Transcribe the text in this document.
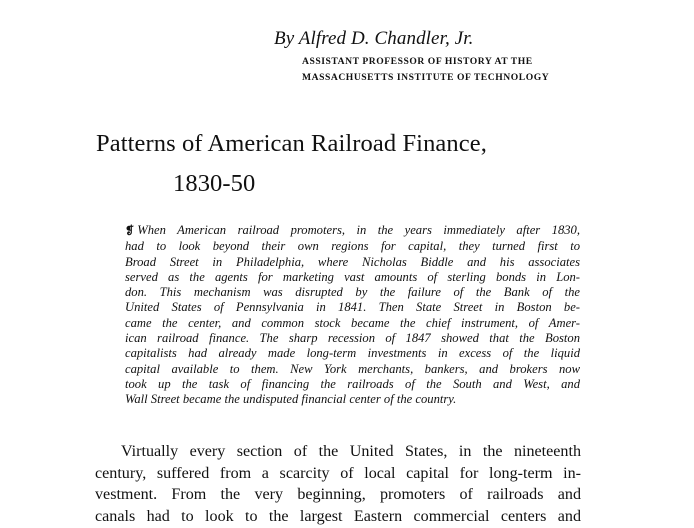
By Alfred D. Chandler, Jr.
ASSISTANT PROFESSOR OF HISTORY AT THE
MASSACHUSETTS INSTITUTE OF TECHNOLOGY
Patterns of American Railroad Finance,
1830-50
❡ When American railroad promoters, in the years immediately after 1830,
had to look beyond their own regions for capital, they turned first to
Broad Street in Philadelphia, where Nicholas Biddle and his associates
served as the agents for marketing vast amounts of sterling bonds in Lon-
don. This mechanism was disrupted by the failure of the Bank of the
United States of Pennsylvania in 1841. Then State Street in Boston be-
came the center, and common stock became the chief instrument, of Amer-
ican railroad finance. The sharp recession of 1847 showed that the Boston
capitalists had already made long-term investments in excess of the liquid
capital available to them. New York merchants, bankers, and brokers now
took up the task of financing the railroads of the South and West, and
Wall Street became the undisputed financial center of the country.
Virtually every section of the United States, in the nineteenth
century, suffered from a scarcity of local capital for long-term in-
vestment. From the very beginning, promoters of railroads and
canals had to look to the largest Eastern commercial centers and
